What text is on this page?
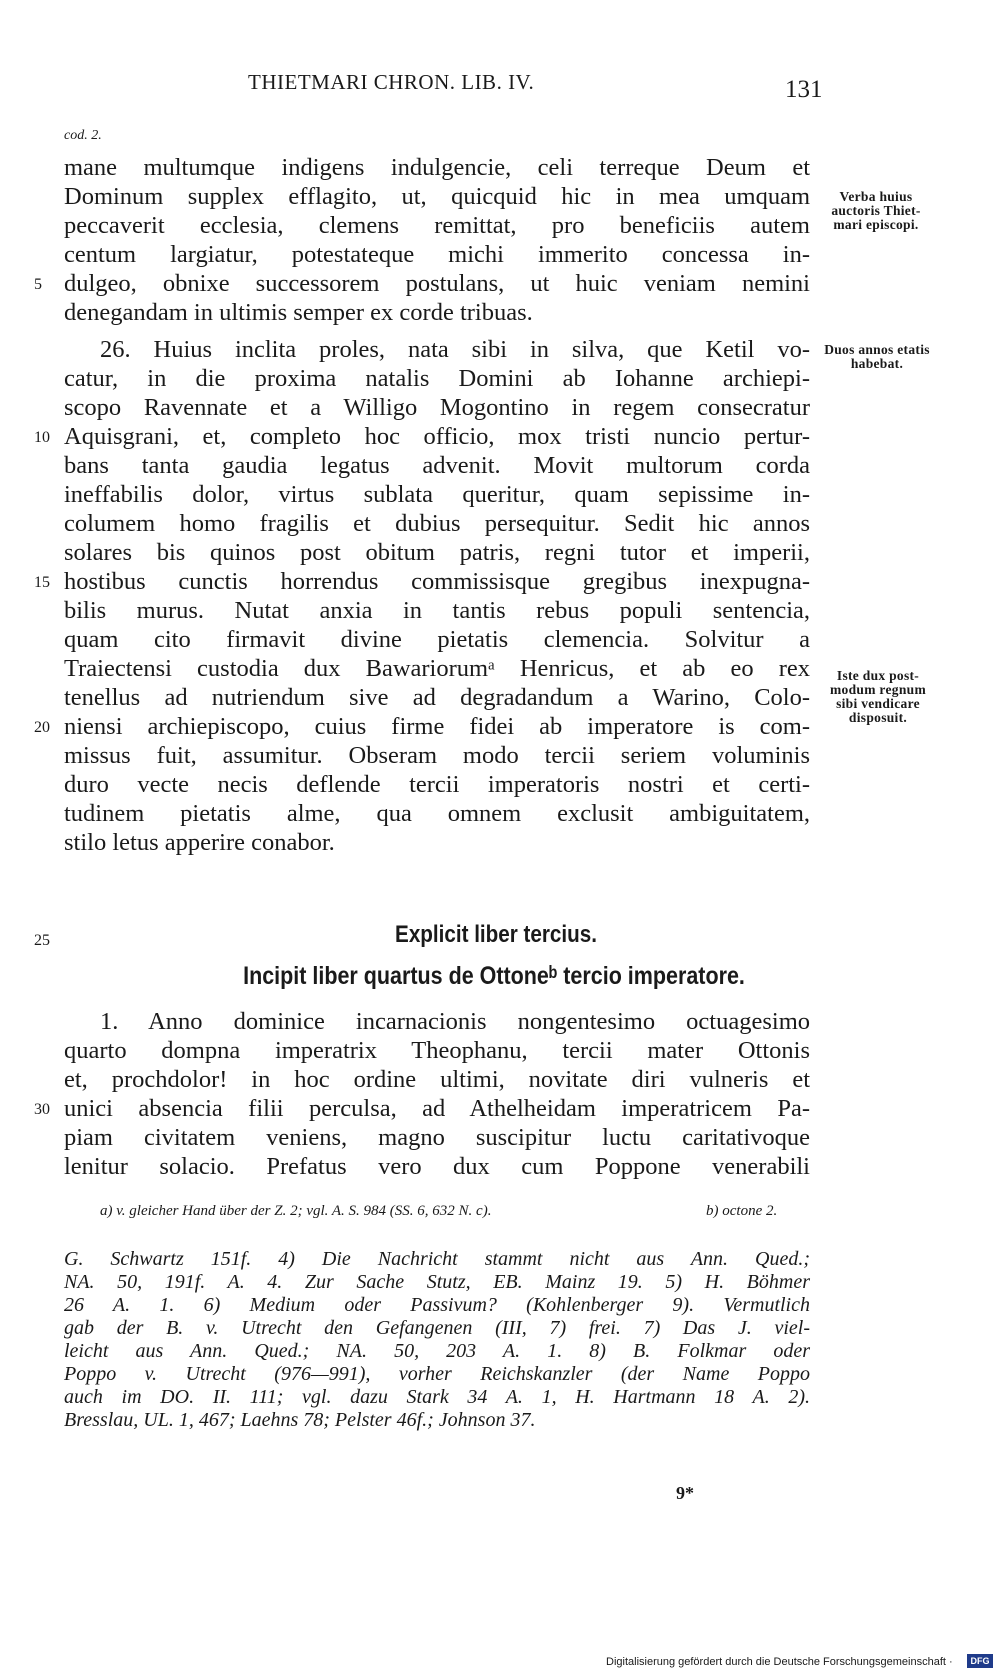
THIETMARI CHRON. LIB. IV.	131
cod. 2.
mane multumque indigens indulgencie, celi terreque Deum et
Dominum supplex efflagito, ut, quicquid hic in mea umquam
peccaverit ecclesia, clemens remittat, pro beneficiis autem
centum largiatur, potestateque michi immerito concessa in-
dulgeo, obnixe successorem postulans, ut huic veniam nemini
denegandam in ultimis semper ex corde tribuas.
26. Huius inclita proles, nata sibi in silva, que Ketil vo-
catur, in die proxima natalis Domini ab Iohanne archiepi-
scopo Ravennate et a Willigo Mogontino in regem consecratur
Aquisgrani, et, completo hoc officio, mox tristi nuncio pertur-
bans tanta gaudia legatus advenit. Movit multorum corda
ineffabilis dolor, virtus sublata queritur, quam sepissime in-
columem homo fragilis et dubius persequitur. Sedit hic annos
solares bis quinos post obitum patris, regni tutor et imperii,
hostibus cunctis horrendus commissisque gregibus inexpugna-
bilis murus. Nutat anxia in tantis rebus populi sentencia,
quam cito firmavit divine pietatis clemencia. Solvitur a
Traiectensi custodia dux Bawariorumᵃ Henricus, et ab eo rex
tenellus ad nutriendum sive ad degradandum a Warino, Colo-
niensi archiepiscopo, cuius firme fidei ab imperatore is com-
missus fuit, assumitur. Obseram modo tercii seriem voluminis
duro vecte necis deflende tercii imperatoris nostri et certi-
tudinem pietatis alme, qua omnem exclusit ambiguitatem,
stilo letus apperire conabor.
5
10
15
20
25
30
Verba huius auctoris Thiet- mari episcopi.
Duos annos etatis habebat.
Iste dux post- modum regnum sibi vendicare disposuit.
Explicit liber tercius.
Incipit liber quartus de Ottoneᵇ tercio imperatore.
1. Anno dominice incarnacionis nongentesimo octuagesimo
quarto dompna imperatrix Theophanu, tercii mater Ottonis
et, prochdolor! in hoc ordine ultimi, novitate diri vulneris et
unici absencia filii perculsa, ad Athelheidam imperatricem Pa-
piam civitatem veniens, magno suscipitur luctu caritativoque
lenitur solacio. Prefatus vero dux cum Poppone venerabili
a) v. gleicher Hand über der Z. 2; vgl. A. S. 984 (SS. 6, 632 N. c).	b) octone 2.
G. Schwartz 151f. 4) Die Nachricht stammt nicht aus Ann. Qued.;
NA. 50, 191f. A. 4. Zur Sache Stutz, EB. Mainz 19. 5) H. Böhmer
26 A. 1. 6) Medium oder Passivum? (Kohlenberger 9). Vermutlich
gab der B. v. Utrecht den Gefangenen (III, 7) frei. 7) Das J. viel-
leicht aus Ann. Qued.; NA. 50, 203 A. 1. 8) B. Folkmar oder
Poppo v. Utrecht (976—991), vorher Reichskanzler (der Name Poppo
auch im DO. II. 111; vgl. dazu Stark 34 A. 1, H. Hartmann 18 A. 2).
Bresslau, UL. 1, 467; Laehns 78; Pelster 46f.; Johnson 37.
9*
Digitalisierung gefördert durch die Deutsche Forschungsgemeinschaft ·	DFG
